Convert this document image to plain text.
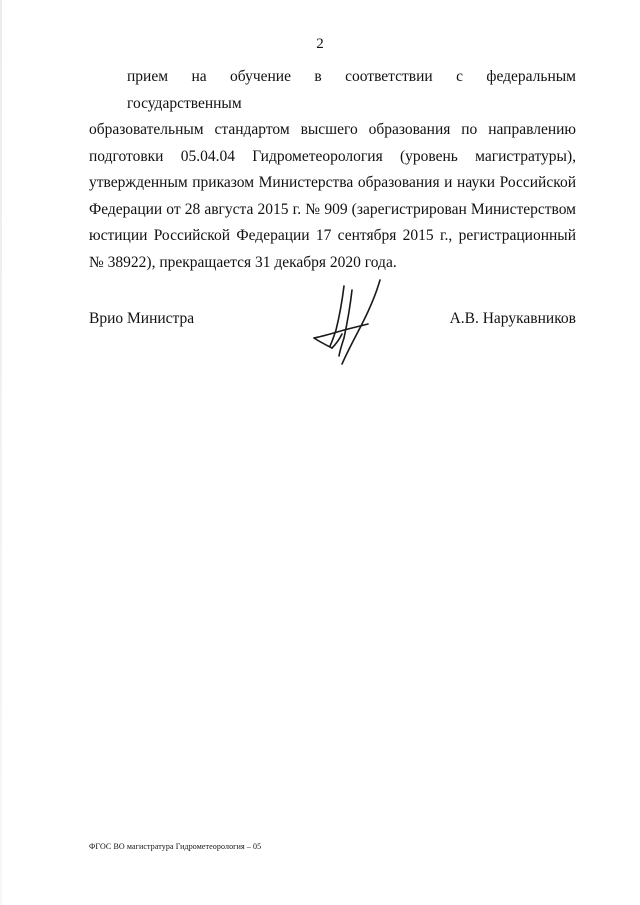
2
прием на обучение в соответствии с федеральным государственным
образовательным стандартом высшего образования по направлению
подготовки 05.04.04 Гидрометеорология (уровень магистратуры),
утвержденным приказом Министерства образования и науки Российской
Федерации от 28 августа 2015 г. № 909 (зарегистрирован Министерством
юстиции Российской Федерации 17 сентября 2015 г., регистрационный
№ 38922), прекращается 31 декабря 2020 года.
Врио Министра	А.В. Нарукавников
ФГОС ВО магистратура Гидрометеорология – 05
